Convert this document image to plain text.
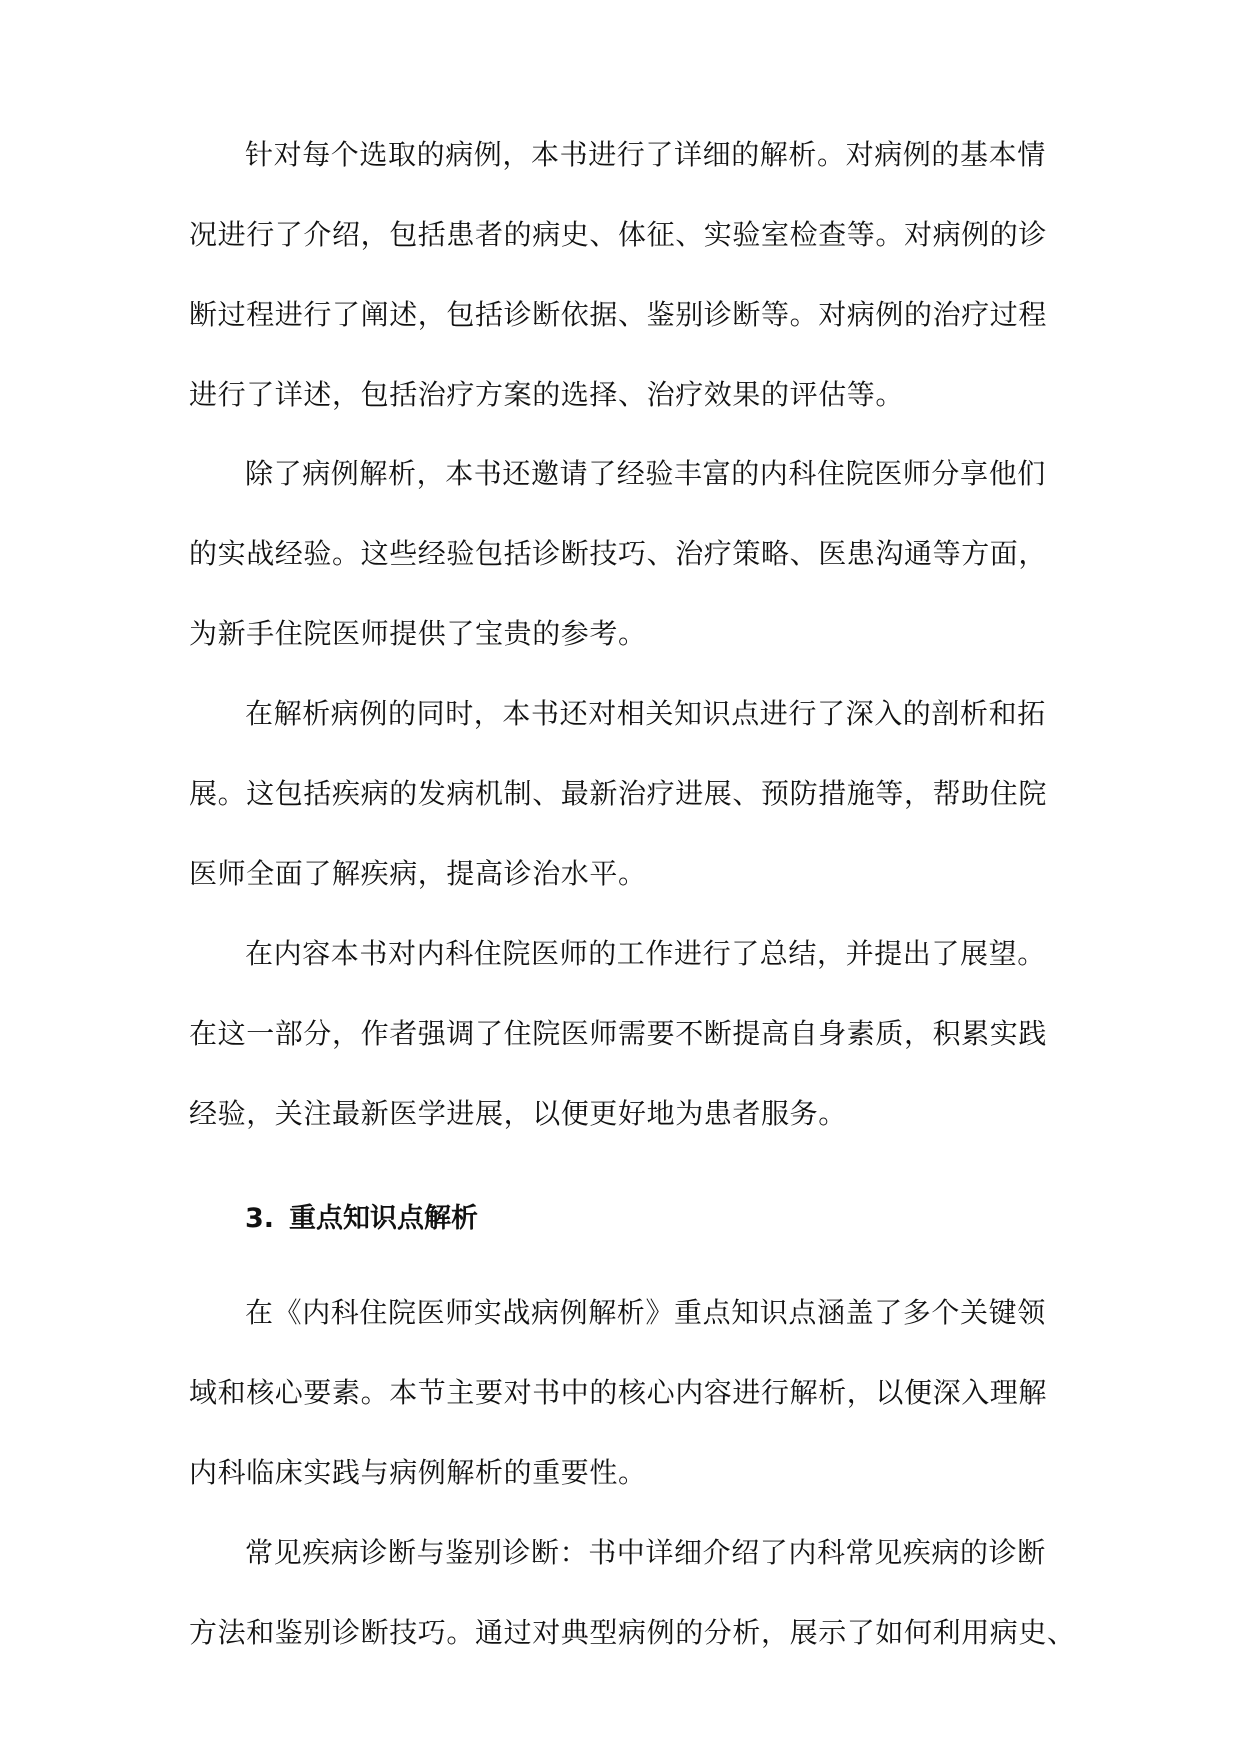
针对每个选取的病例，本书进行了详细的解析。对病例的基本情
况进行了介绍，包括患者的病史、体征、实验室检查等。对病例的诊
断过程进行了阐述，包括诊断依据、鉴别诊断等。对病例的治疗过程
进行了详述，包括治疗方案的选择、治疗效果的评估等。
除了病例解析，本书还邀请了经验丰富的内科住院医师分享他们
的实战经验。这些经验包括诊断技巧、治疗策略、医患沟通等方面，
为新手住院医师提供了宝贵的参考。
在解析病例的同时，本书还对相关知识点进行了深入的剖析和拓
展。这包括疾病的发病机制、最新治疗进展、预防措施等，帮助住院
医师全面了解疾病，提高诊治水平。
在内容本书对内科住院医师的工作进行了总结，并提出了展望。
在这一部分，作者强调了住院医师需要不断提高自身素质，积累实践
经验，关注最新医学进展，以便更好地为患者服务。
3. 重点知识点解析
在《内科住院医师实战病例解析》重点知识点涵盖了多个关键领
域和核心要素。本节主要对书中的核心内容进行解析，以便深入理解
内科临床实践与病例解析的重要性。
常见疾病诊断与鉴别诊断：书中详细介绍了内科常见疾病的诊断
方法和鉴别诊断技巧。通过对典型病例的分析，展示了如何利用病史、
